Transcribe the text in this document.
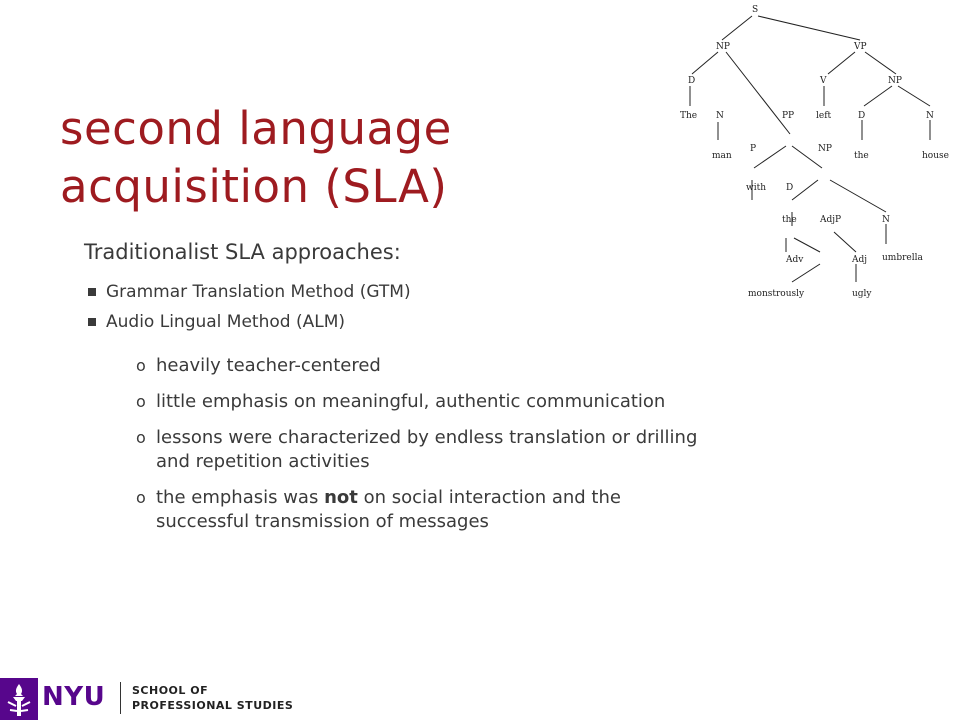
second language acquisition (SLA)

Traditionalist SLA approaches:

Grammar Translation Method (GTM)
Audio Lingual Method (ALM)
o heavily teacher-centered
o little emphasis on meaningful, authentic communication
o lessons were characterized by endless translation or drilling and repetition activities
o the emphasis was not on social interaction and the successful transmission of messages
S
NP	VP
D
The N
man
PP
P
with
NP
D
the	AdjP
Adv
monstrously
Adj
ugly
N
umbrella
V
left
NP
D
the
N
house
NYU SCHOOL OF
PROFESSIONAL STUDIES
